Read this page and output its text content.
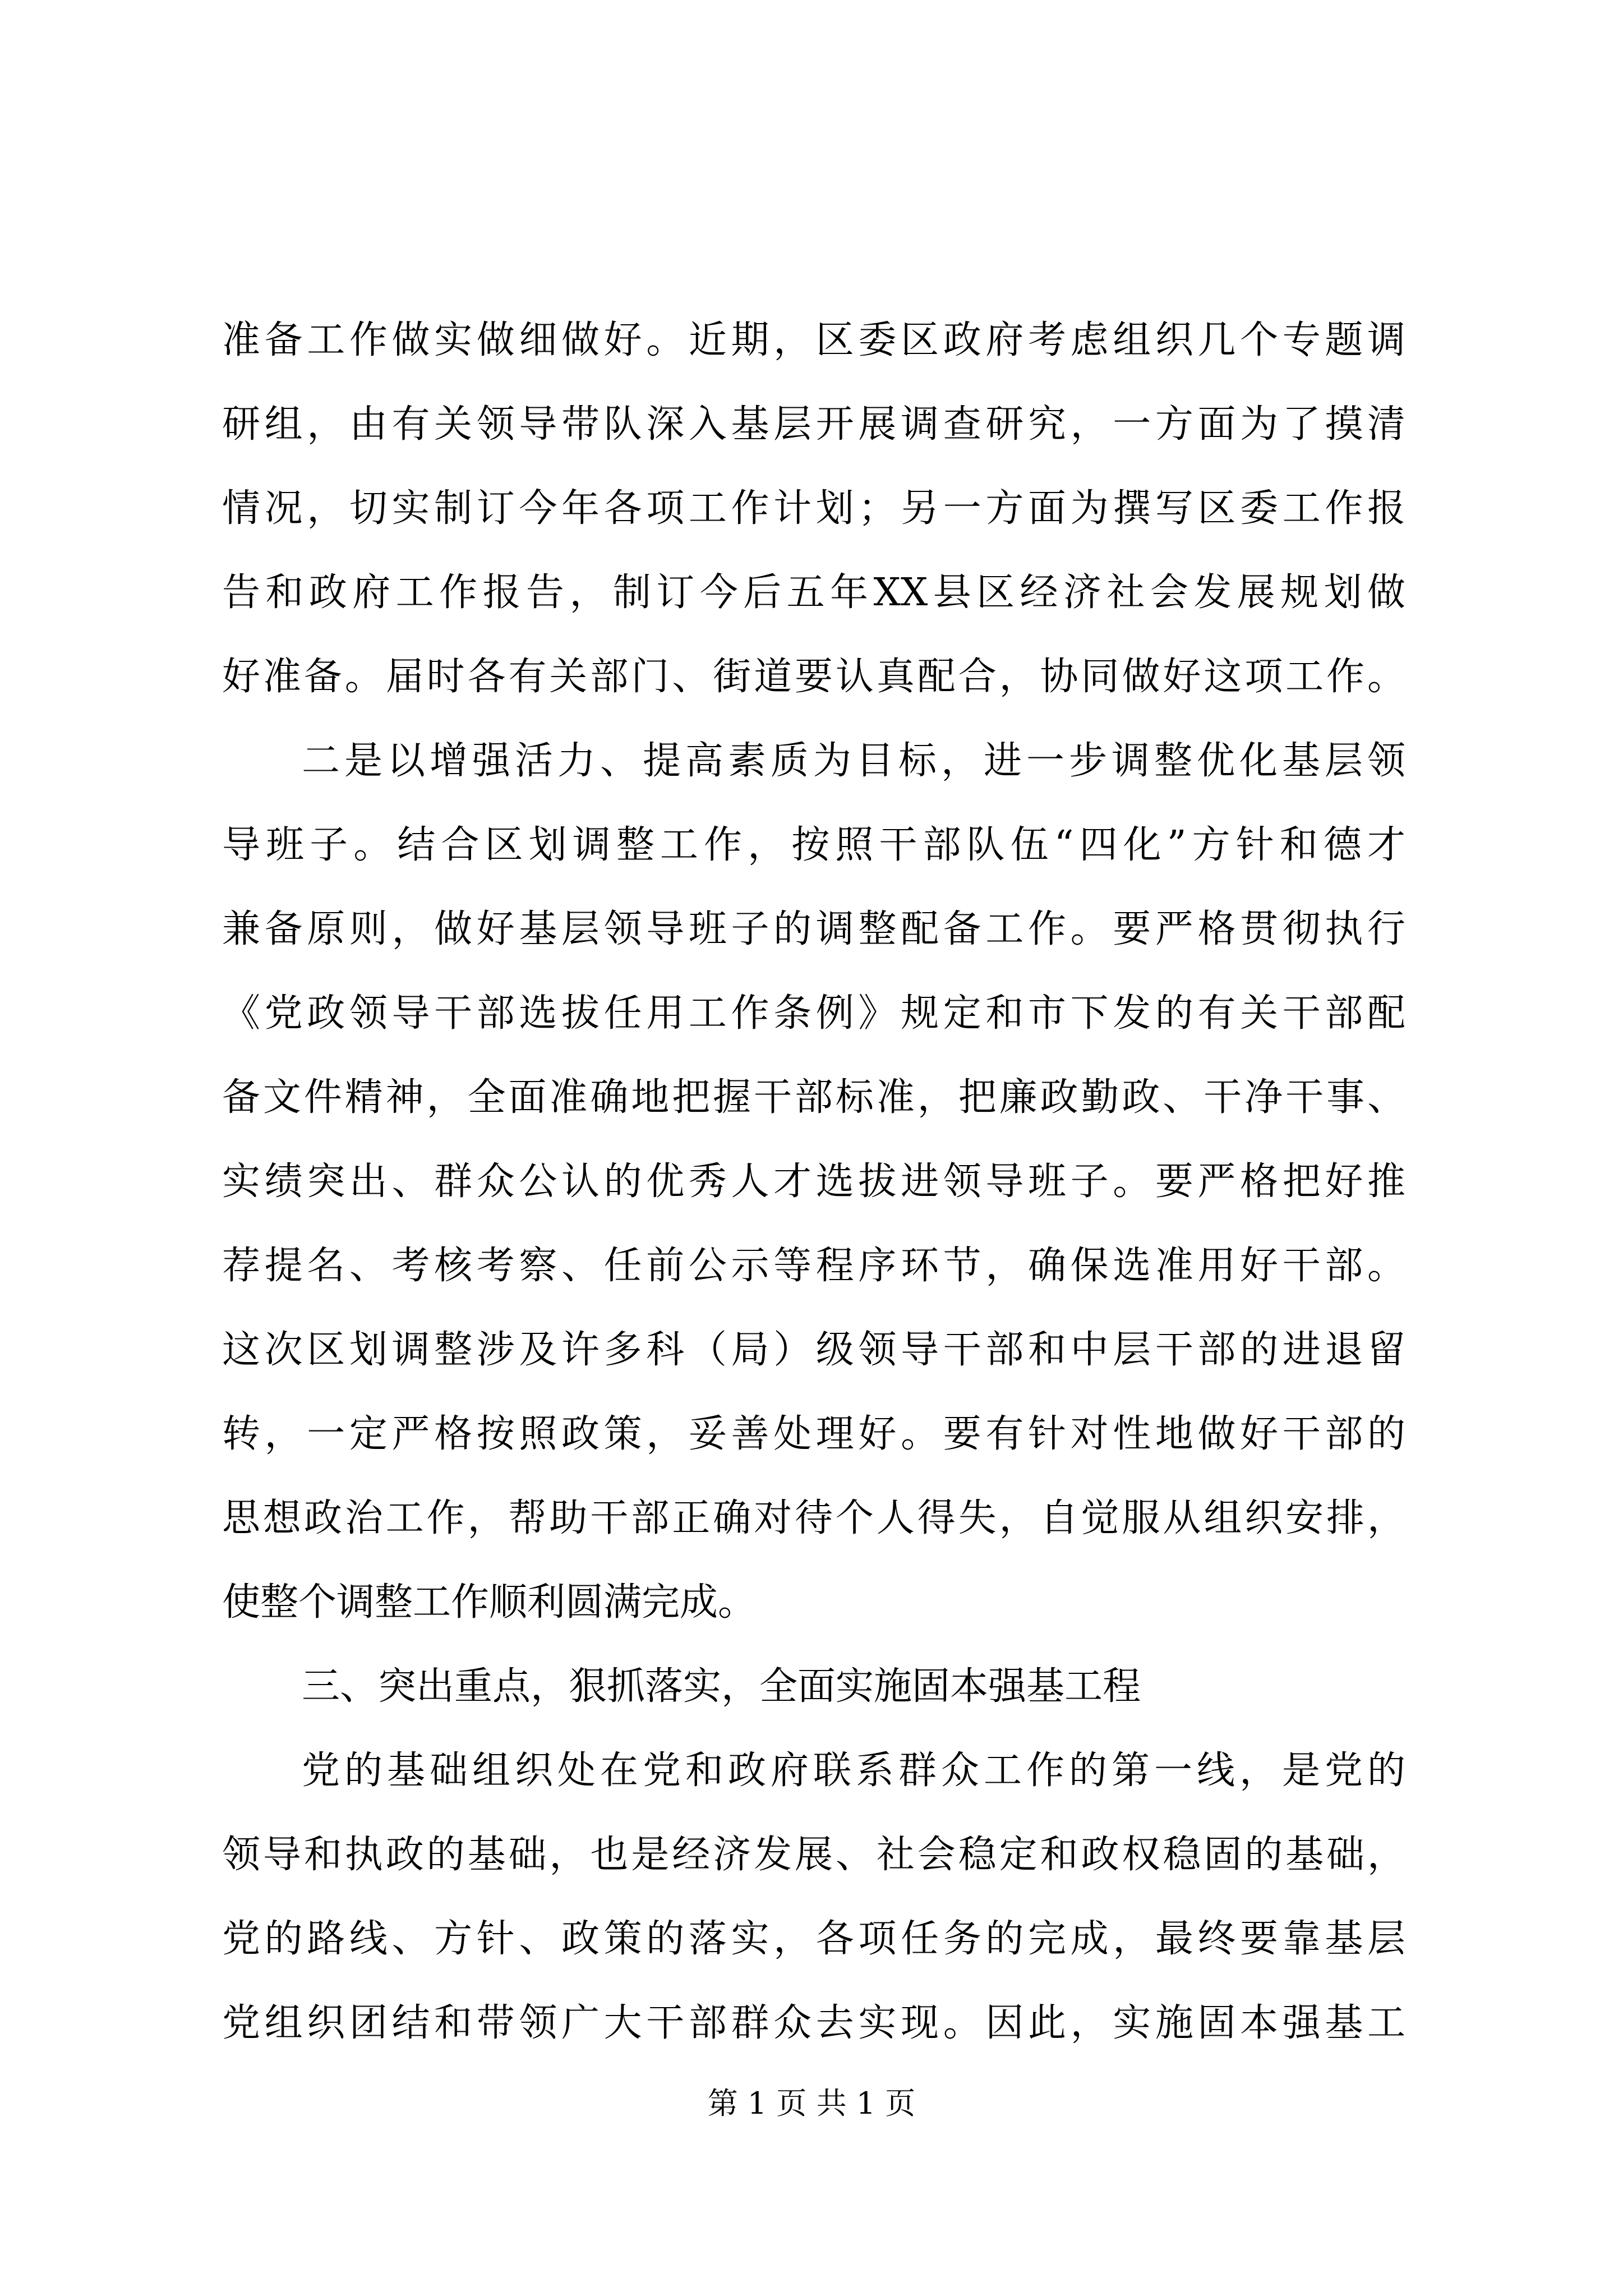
准备工作做实做细做好。近期，区委区政府考虑组织几个专题调
研组，由有关领导带队深入基层开展调查研究，一方面为了摸清
情况，切实制订今年各项工作计划；另一方面为撰写区委工作报
告和政府工作报告，制订今后五年XX县区经济社会发展规划做
好准备。届时各有关部门、街道要认真配合，协同做好这项工作。
二是以增强活力、提高素质为目标，进一步调整优化基层领
导班子。结合区划调整工作，按照干部队伍“四化”方针和德才
兼备原则，做好基层领导班子的调整配备工作。要严格贯彻执行
《党政领导干部选拔任用工作条例》规定和市下发的有关干部配
备文件精神，全面准确地把握干部标准，把廉政勤政、干净干事、
实绩突出、群众公认的优秀人才选拔进领导班子。要严格把好推
荐提名、考核考察、任前公示等程序环节，确保选准用好干部。
这次区划调整涉及许多科（局）级领导干部和中层干部的进退留
转，一定严格按照政策，妥善处理好。要有针对性地做好干部的
思想政治工作，帮助干部正确对待个人得失，自觉服从组织安排，
使整个调整工作顺利圆满完成。
三、突出重点，狠抓落实，全面实施固本强基工程
党的基础组织处在党和政府联系群众工作的第一线，是党的
领导和执政的基础，也是经济发展、社会稳定和政权稳固的基础，
党的路线、方针、政策的落实，各项任务的完成，最终要靠基层
党组织团结和带领广大干部群众去实现。因此，实施固本强基工
第 1 页 共 1 页
